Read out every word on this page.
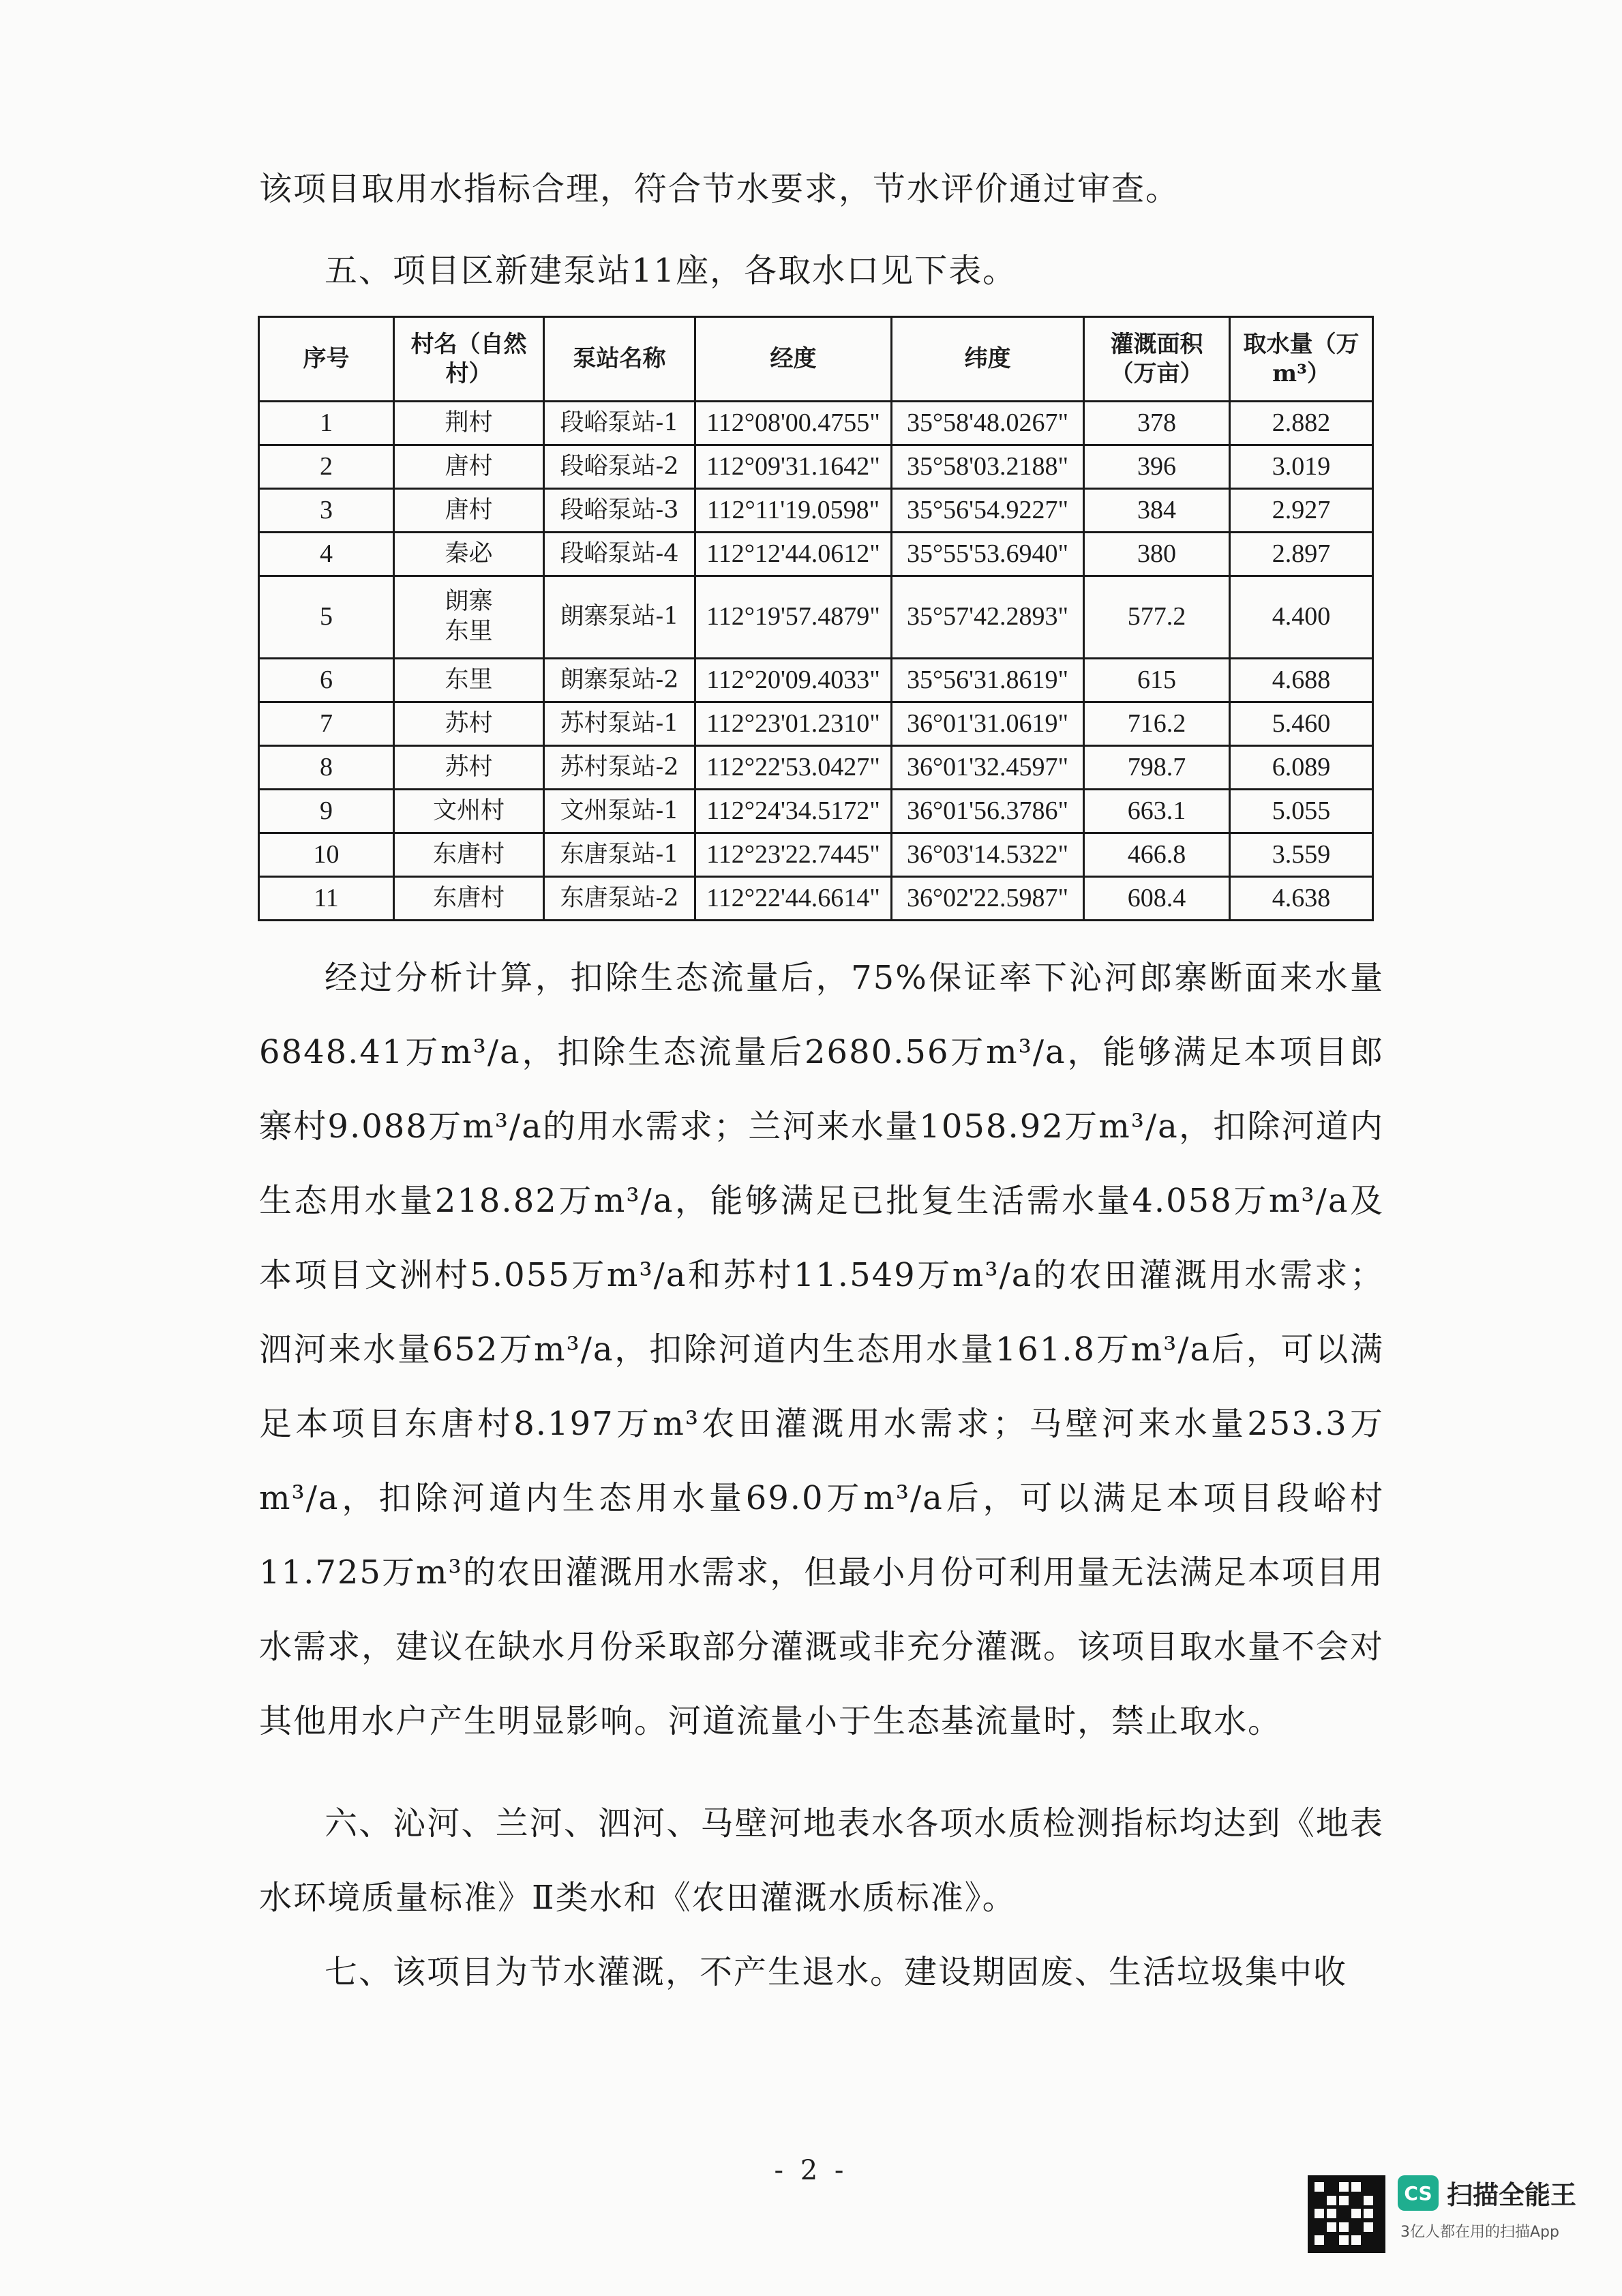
该项目取用水指标合理，符合节水要求，节水评价通过审查。

五、项目区新建泵站11座，各取水口见下表。

序号	村名（自然村）	泵站名称	经度	纬度	灌溉面积（万亩）	取水量（万 m³）
1	荆村	段峪泵站-1	112°08'00.4755"	35°58'48.0267"	378	2.882
2	唐村	段峪泵站-2	112°09'31.1642"	35°58'03.2188"	396	3.019
3	唐村	段峪泵站-3	112°11'19.0598"	35°56'54.9227"	384	2.927
4	秦必	段峪泵站-4	112°12'44.0612"	35°55'53.6940"	380	2.897
5	朗寨东里	朗寨泵站-1	112°19'57.4879"	35°57'42.2893"	577.2	4.400
6	东里	朗寨泵站-2	112°20'09.4033"	35°56'31.8619"	615	4.688
7	苏村	苏村泵站-1	112°23'01.2310"	36°01'31.0619"	716.2	5.460
8	苏村	苏村泵站-2	112°22'53.0427"	36°01'32.4597"	798.7	6.089
9	文州村	文州泵站-1	112°24'34.5172"	36°01'56.3786"	663.1	5.055
10	东唐村	东唐泵站-1	112°23'22.7445"	36°03'14.5322"	466.8	3.559
11	东唐村	东唐泵站-2	112°22'44.6614"	36°02'22.5987"	608.4	4.638

经过分析计算，扣除生态流量后，75%保证率下沁河郎寨断面来水量6848.41万m³/a，扣除生态流量后2680.56万m³/a，能够满足本项目郎寨村9.088万m³/a的用水需求；兰河来水量1058.92万m³/a，扣除河道内生态用水量218.82万m³/a，能够满足已批复生活需水量4.058万m³/a及本项目文洲村5.055万m³/a和苏村11.549万m³/a的农田灌溉用水需求；泗河来水量652万m³/a，扣除河道内生态用水量161.8万m³/a后，可以满足本项目东唐村8.197万m³农田灌溉用水需求；马壁河来水量253.3万m³/a，扣除河道内生态用水量69.0万m³/a后，可以满足本项目段峪村11.725万m³的农田灌溉用水需求，但最小月份可利用量无法满足本项目用水需求，建议在缺水月份采取部分灌溉或非充分灌溉。该项目取水量不会对其他用水户产生明显影响。河道流量小于生态基流量时，禁止取水。

六、沁河、兰河、泗河、马壁河地表水各项水质检测指标均达到《地表水环境质量标准》Ⅱ类水和《农田灌溉水质标准》。

七、该项目为节水灌溉，不产生退水。建设期固废、生活垃圾集中收

- 2 -
CS 扫描全能王
3亿人都在用的扫描App
